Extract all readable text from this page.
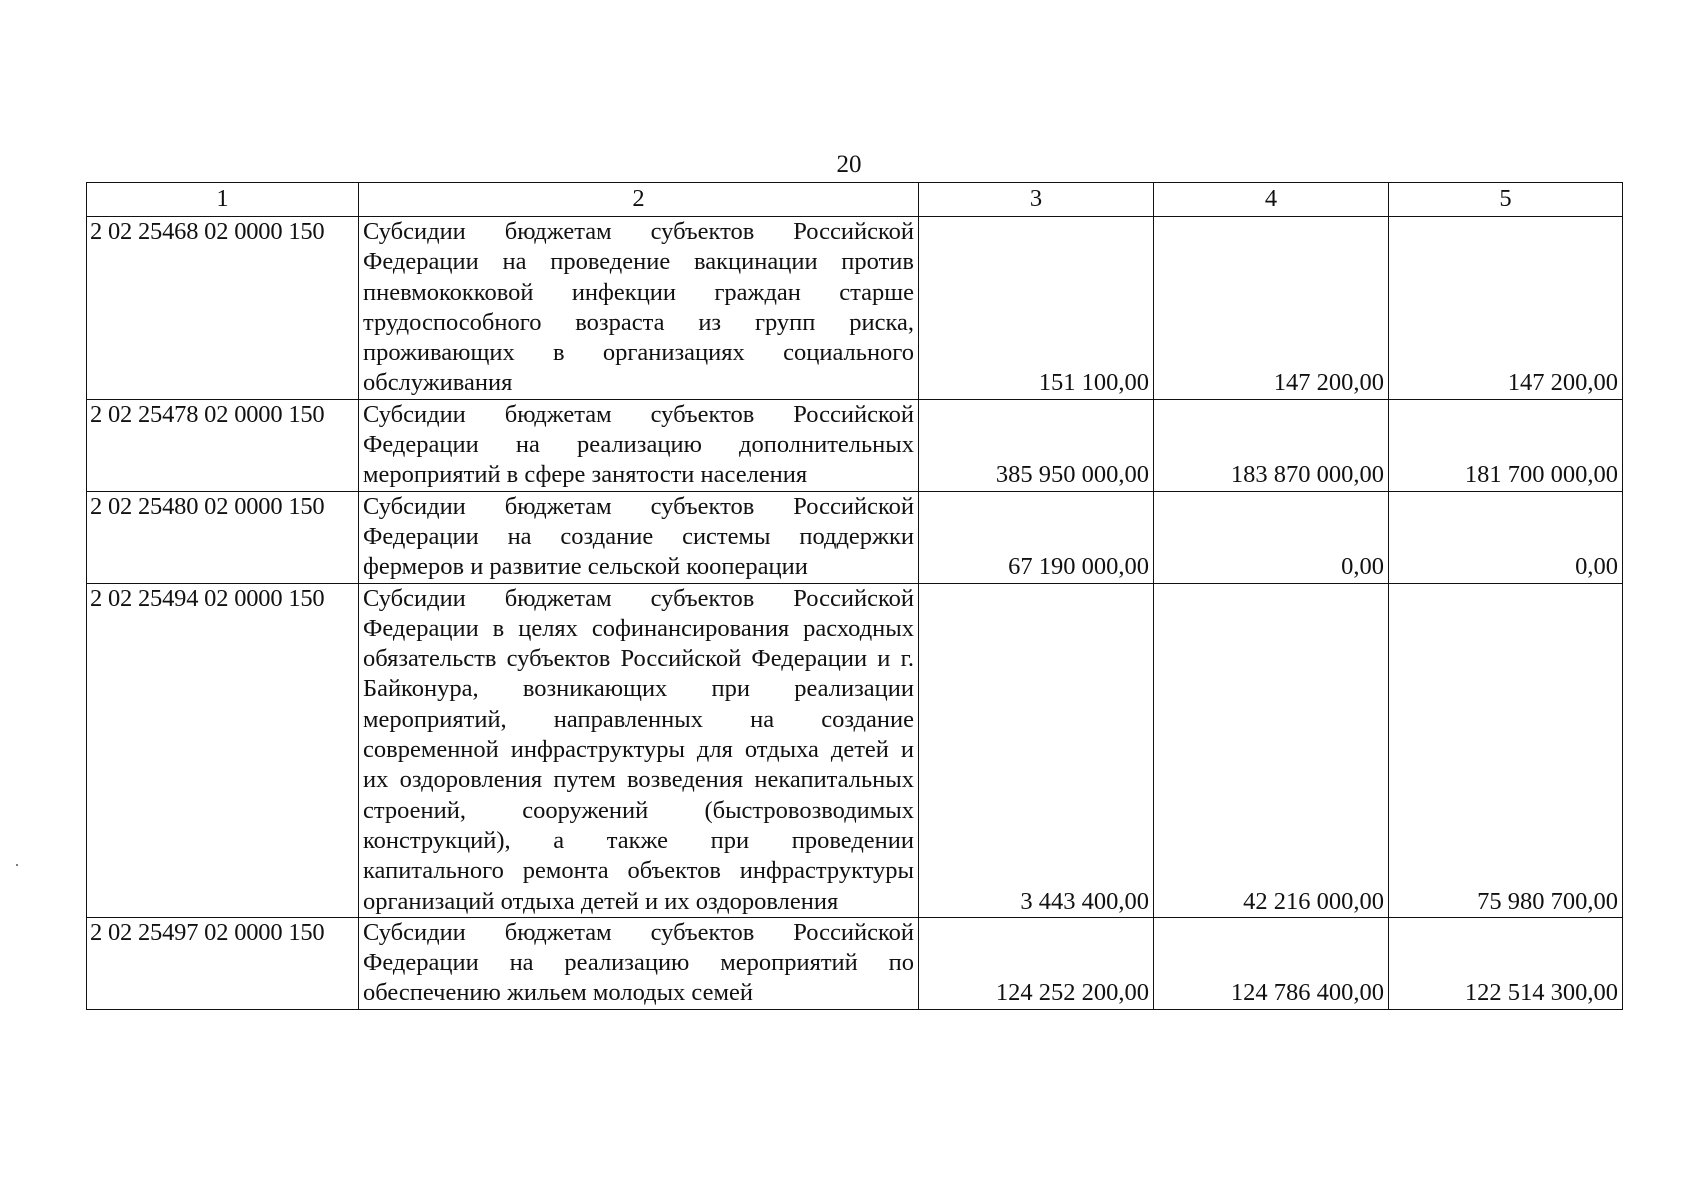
20
1	2	3	4	5
2 02 25468 02 0000 150	Субсидии бюджетам субъектов Российской Федерации на проведение вакцинации против пневмококковой инфекции граждан старше трудоспособного возраста из групп риска, проживающих в организациях социального обслуживания	151 100,00	147 200,00	147 200,00
2 02 25478 02 0000 150	Субсидии бюджетам субъектов Российской Федерации на реализацию дополнительных мероприятий в сфере занятости населения	385 950 000,00	183 870 000,00	181 700 000,00
2 02 25480 02 0000 150	Субсидии бюджетам субъектов Российской Федерации на создание системы поддержки фермеров и развитие сельской кооперации	67 190 000,00	0,00	0,00
2 02 25494 02 0000 150	Субсидии бюджетам субъектов Российской Федерации в целях софинансирования расходных обязательств субъектов Российской Федерации и г. Байконура, возникающих при реализации мероприятий, направленных на создание современной инфраструктуры для отдыха детей и их оздоровления путем возведения некапитальных строений, сооружений (быстровозводимых конструкций), а также при проведении капитального ремонта объектов инфраструктуры организаций отдыха детей и их оздоровления	3 443 400,00	42 216 000,00	75 980 700,00
2 02 25497 02 0000 150	Субсидии бюджетам субъектов Российской Федерации на реализацию мероприятий по обеспечению жильем молодых семей	124 252 200,00	124 786 400,00	122 514 300,00
